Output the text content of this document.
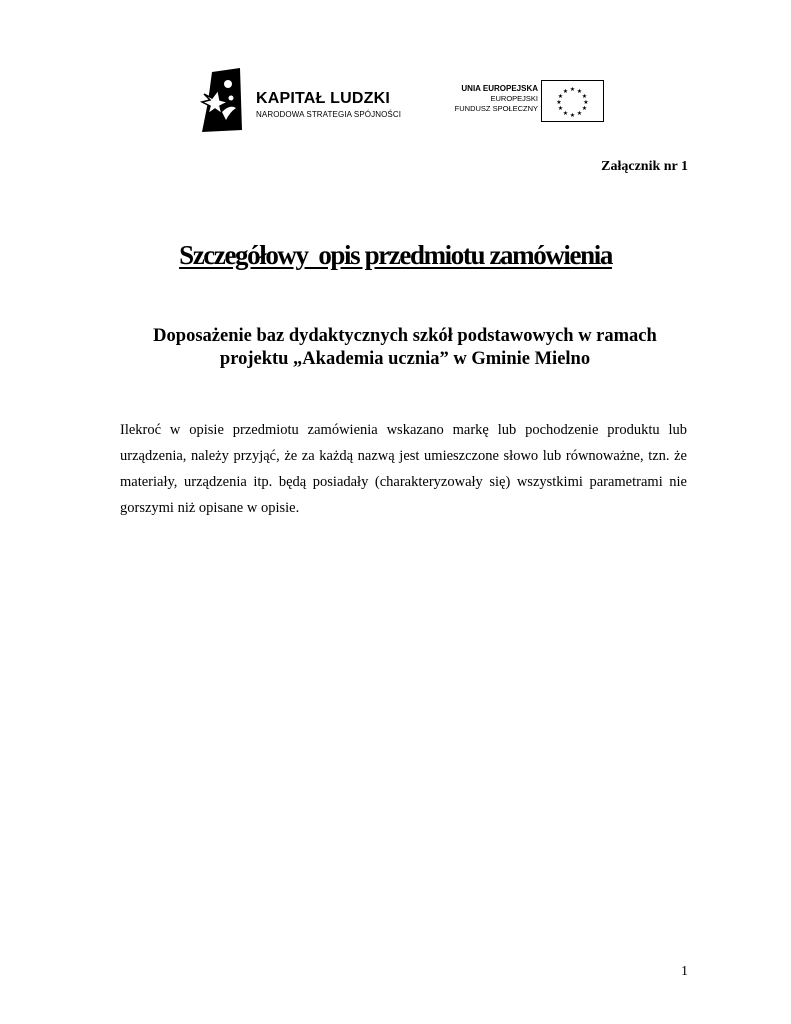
KAPITAŁ LUDZKI
NARODOWA STRATEGIA SPÓJNOŚCI
UNIA EUROPEJSKA
EUROPEJSKI
FUNDUSZ SPOŁECZNY
★ ★
★
★
★
★
★
★
★
★
★
★
Załącznik nr 1
Szczegółowy  opis przedmiotu zamówienia
Doposażenie baz dydaktycznych szkół podstawowych w ramach
projektu „Akademia ucznia” w Gminie Mielno
Ilekroć w opisie przedmiotu zamówienia wskazano markę lub pochodzenie produktu lub urządzenia, należy przyjąć, że za każdą nazwą jest umieszczone słowo lub równoważne, tzn. że materiały, urządzenia itp. będą posiadały (charakteryzowały się) wszystkimi parametrami nie gorszymi niż opisane w opisie.
1
